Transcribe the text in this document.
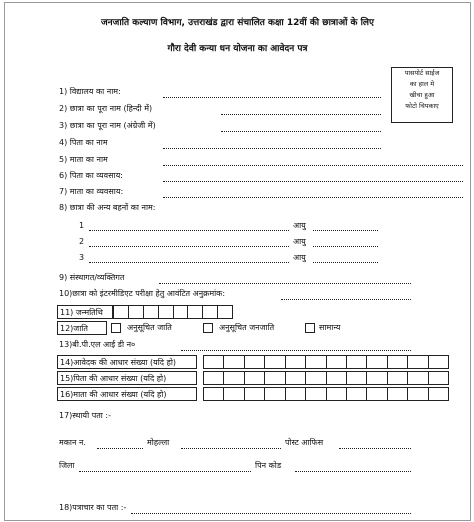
जनजाति कल्याण विभाग, उत्तराखंड द्वारा संचालित कक्षा 12वीं की छात्राओं के लिए
गौरा देवी कन्या धन योजना का आवेदन पत्र
पासपोर्ट साईज
का हाल मे
खीचा हुआ
फोटो चिपकाए
1) विद्यालय का नाम:
2) छात्रा का पूरा नाम (हिन्दी में)
3) छात्रा का पूरा नाम (अंग्रेजी में)
4) पिता का नाम
5) माता का नाम
6) पिता का व्यवसाय:
7) माता का व्यवसाय:
8) छात्रा की अन्य बहनों का नाम:
1	आयु
2	आयु
3	आयु
9) संस्थागत/व्यक्तिगत
10)छात्रा को इंटरमीडिएट परीक्षा हेतु आवंटित अनुक्रमांक:
11) जन्मतिथि
12)जाति	अनुसूचित जाति	अनुसूचित जनजाति	सामान्य
13)बी.पी.एल आई डी न०
14)आवेदक की आधार संख्या (यदि हो)
15)पिता की आधार संख्या (यदि हो)
16)माता की आधार संख्या (यदि हो)
17)स्थायी पता :-
मकान न.	मोहल्ला	पोस्ट आफिस
जिला	पिन कोड
18)पत्राचार का पता :-
